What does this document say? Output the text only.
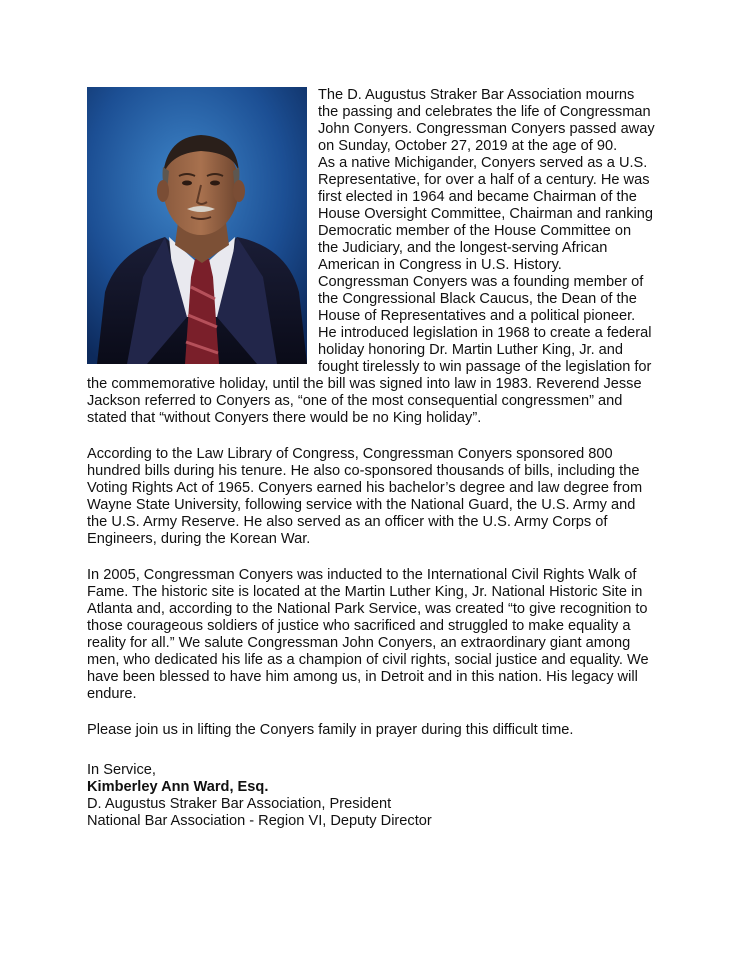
The D. Augustus Straker Bar Association mourns
the passing and celebrates the life of Congressman
John Conyers. Congressman Conyers passed away
on Sunday, October 27, 2019 at the age of 90.
As a native Michigander, Conyers served as a U.S.
Representative, for over a half of a century. He was
first elected in 1964 and became Chairman of the
House Oversight Committee, Chairman and ranking
Democratic member of the House Committee on
the Judiciary, and the longest-serving African
American in Congress in U.S. History.
Congressman Conyers was a founding member of
the Congressional Black Caucus, the Dean of the
House of Representatives and a political pioneer.
He introduced legislation in 1968 to create a federal
holiday honoring Dr. Martin Luther King, Jr. and
fought tirelessly to win passage of the legislation for
the commemorative holiday, until the bill was signed into law in 1983. Reverend Jesse
Jackson referred to Conyers as, “one of the most consequential congressmen” and
stated that “without Conyers there would be no King holiday”.
According to the Law Library of Congress, Congressman Conyers sponsored 800
hundred bills during his tenure. He also co-sponsored thousands of bills, including the
Voting Rights Act of 1965. Conyers earned his bachelor’s degree and law degree from
Wayne State University, following service with the National Guard, the U.S. Army and
the U.S. Army Reserve. He also served as an officer with the U.S. Army Corps of
Engineers, during the Korean War.
In 2005, Congressman Conyers was inducted to the International Civil Rights Walk of
Fame. The historic site is located at the Martin Luther King, Jr. National Historic Site in
Atlanta and, according to the National Park Service, was created “to give recognition to
those courageous soldiers of justice who sacrificed and struggled to make equality a
reality for all.” We salute Congressman John Conyers, an extraordinary giant among
men, who dedicated his life as a champion of civil rights, social justice and equality. We
have been blessed to have him among us, in Detroit and in this nation. His legacy will
endure.
Please join us in lifting the Conyers family in prayer during this difficult time.
In Service,
Kimberley Ann Ward, Esq.
D. Augustus Straker Bar Association, President
National Bar Association - Region VI, Deputy Director
